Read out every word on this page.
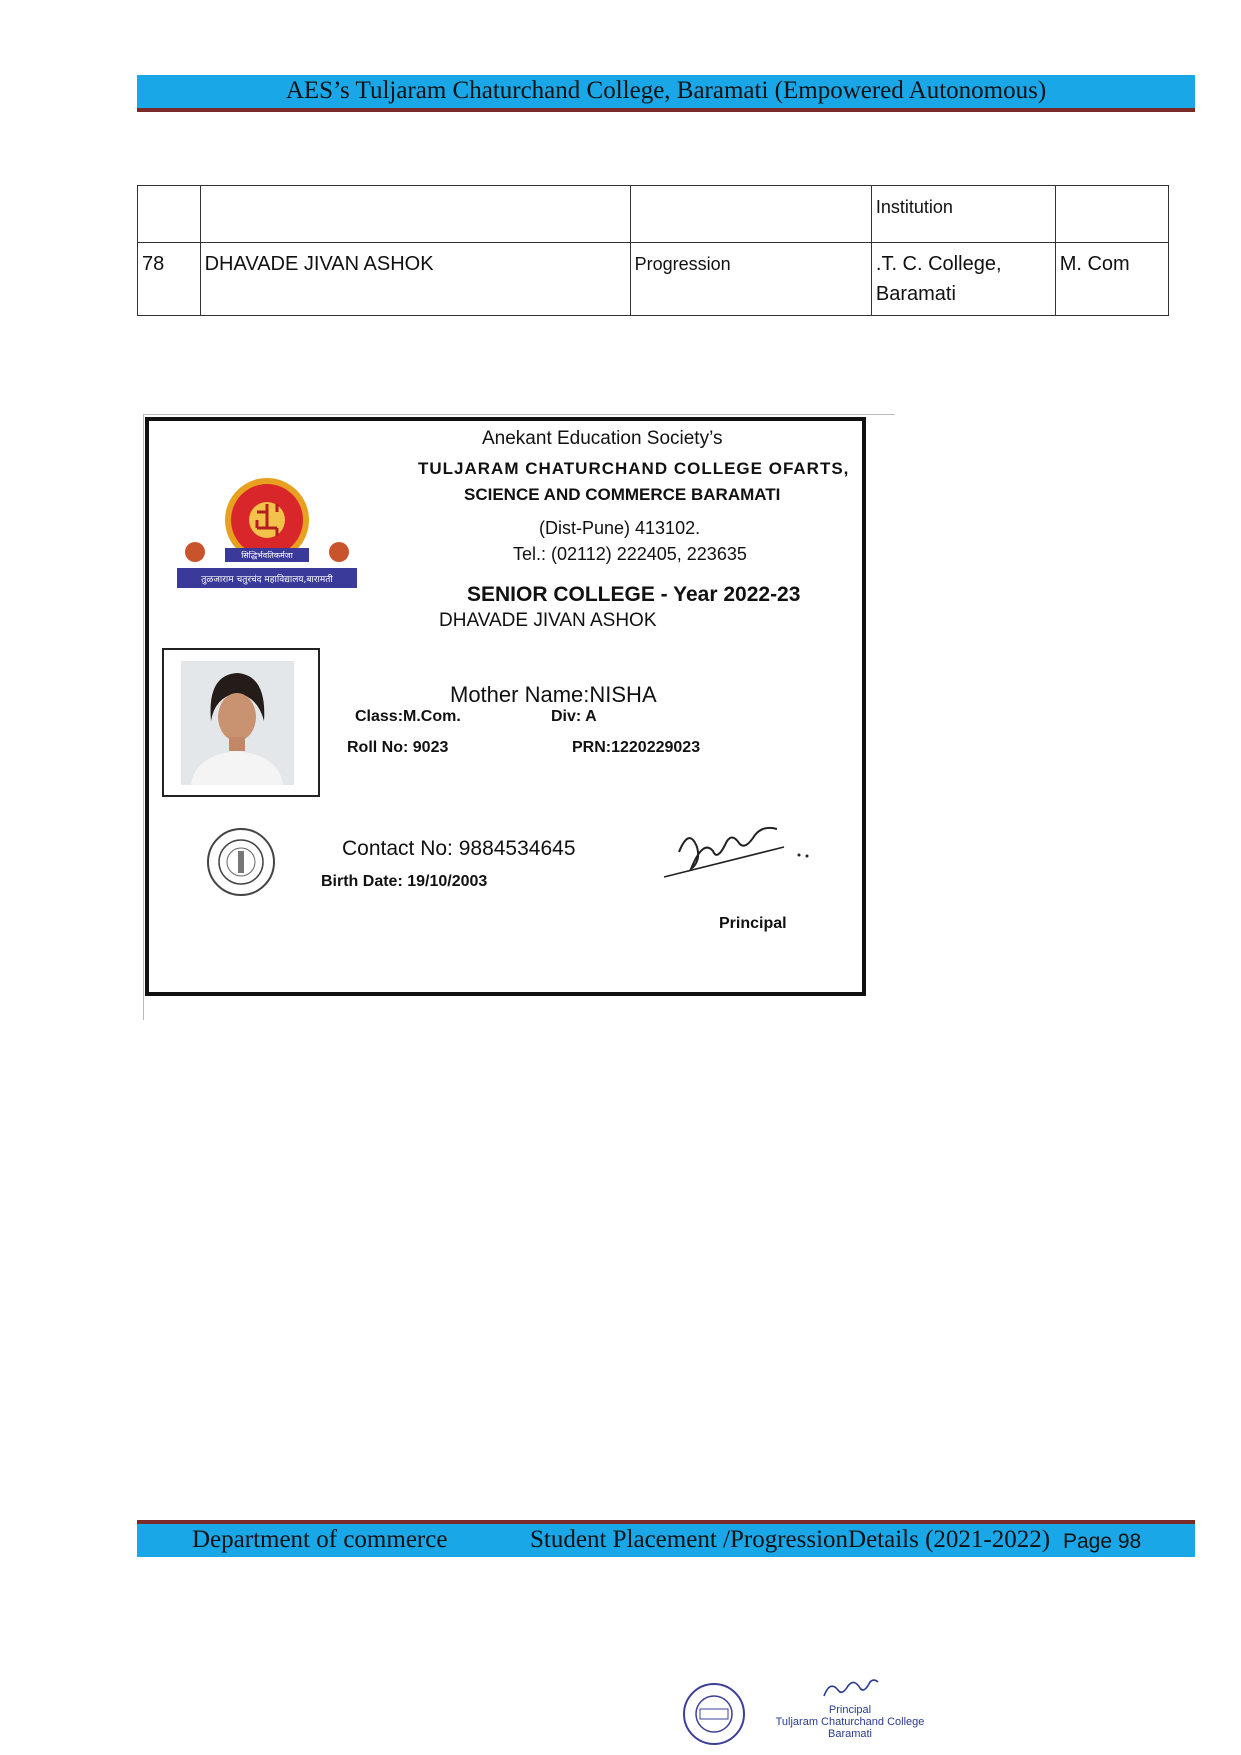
AES’s Tuljaram Chaturchand College, Baramati (Empowered Autonomous)
			Institution	
78	DHAVADE JIVAN ASHOK	Progression	.T. C. College, Baramati	M. Com
Anekant Education Society’s
TULJARAM CHATURCHAND COLLEGE OFARTS,
SCIENCE AND COMMERCE BARAMATI
(Dist-Pune) 413102.
Tel.: (02112) 222405, 223635
SENIOR COLLEGE - Year 2022-23
DHAVADE JIVAN ASHOK
सिद्धिर्भवतिकर्मजा
तुळजाराम चतुरचंद महाविद्यालय,बारामती
Mother Name:NISHA
Class:M.Com.	Div: A
Roll No: 9023	PRN:1220229023
Contact No: 9884534645
Birth Date: 19/10/2003
Principal
Department of commerce	Student Placement /ProgressionDetails (2021-2022) Page 98
Principal
Tuljaram Chaturchand College
Baramati
